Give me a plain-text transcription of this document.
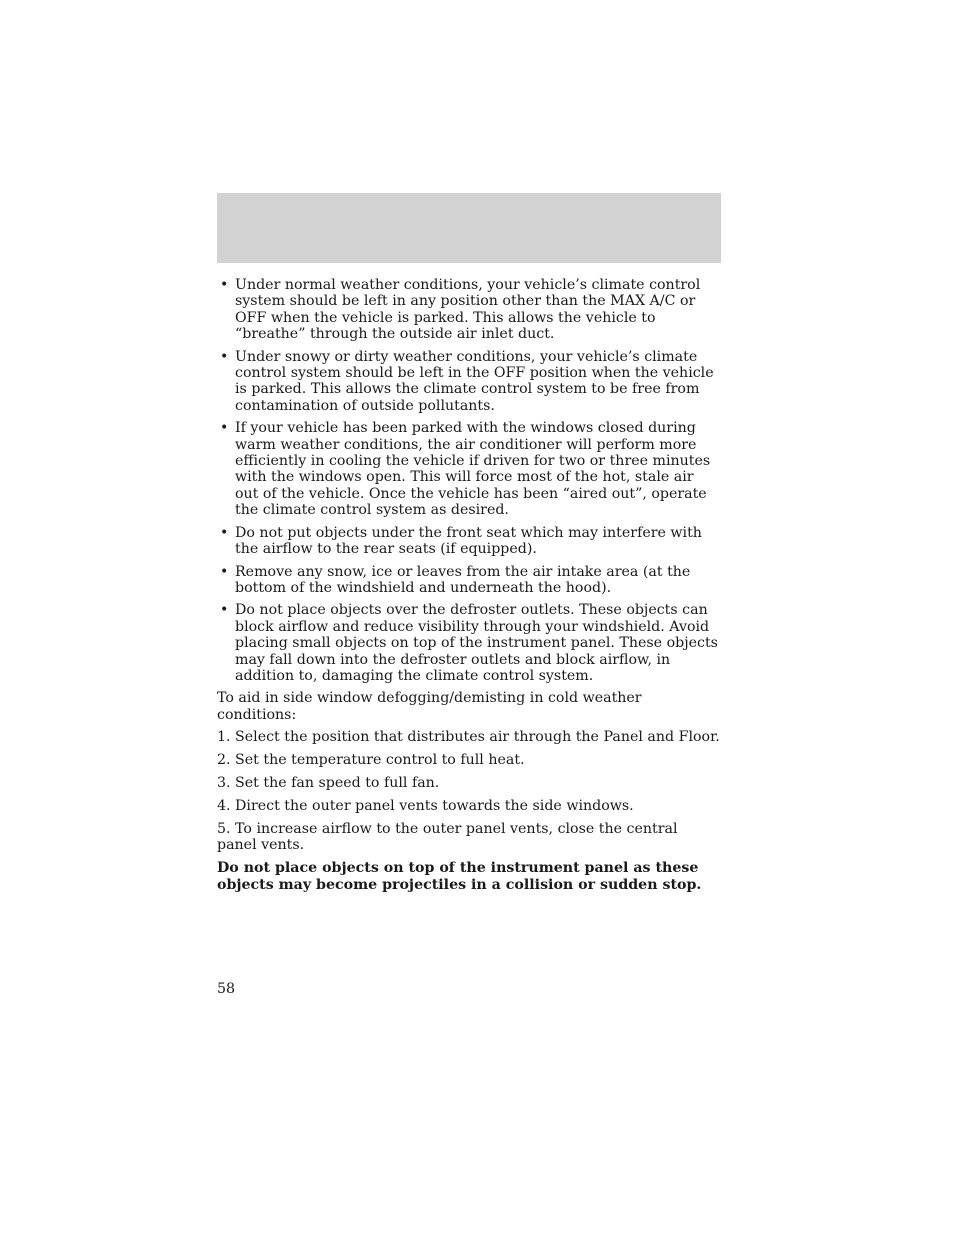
• Under normal weather conditions, your vehicle’s climate control system should be left in any position other than the MAX A/C or OFF when the vehicle is parked. This allows the vehicle to “breathe” through the outside air inlet duct.
• Under snowy or dirty weather conditions, your vehicle’s climate control system should be left in the OFF position when the vehicle is parked. This allows the climate control system to be free from contamination of outside pollutants.
• If your vehicle has been parked with the windows closed during warm weather conditions, the air conditioner will perform more efficiently in cooling the vehicle if driven for two or three minutes with the windows open. This will force most of the hot, stale air out of the vehicle. Once the vehicle has been “aired out”, operate the climate control system as desired.
• Do not put objects under the front seat which may interfere with the airflow to the rear seats (if equipped).
• Remove any snow, ice or leaves from the air intake area (at the bottom of the windshield and underneath the hood).
• Do not place objects over the defroster outlets. These objects can block airflow and reduce visibility through your windshield. Avoid placing small objects on top of the instrument panel. These objects may fall down into the defroster outlets and block airflow, in addition to, damaging the climate control system.

To aid in side window defogging/demisting in cold weather conditions:

1. Select the position that distributes air through the Panel and Floor.
2. Set the temperature control to full heat.
3. Set the fan speed to full fan.
4. Direct the outer panel vents towards the side windows.
5. To increase airflow to the outer panel vents, close the central panel vents.

Do not place objects on top of the instrument panel as these objects may become projectiles in a collision or sudden stop.

58
